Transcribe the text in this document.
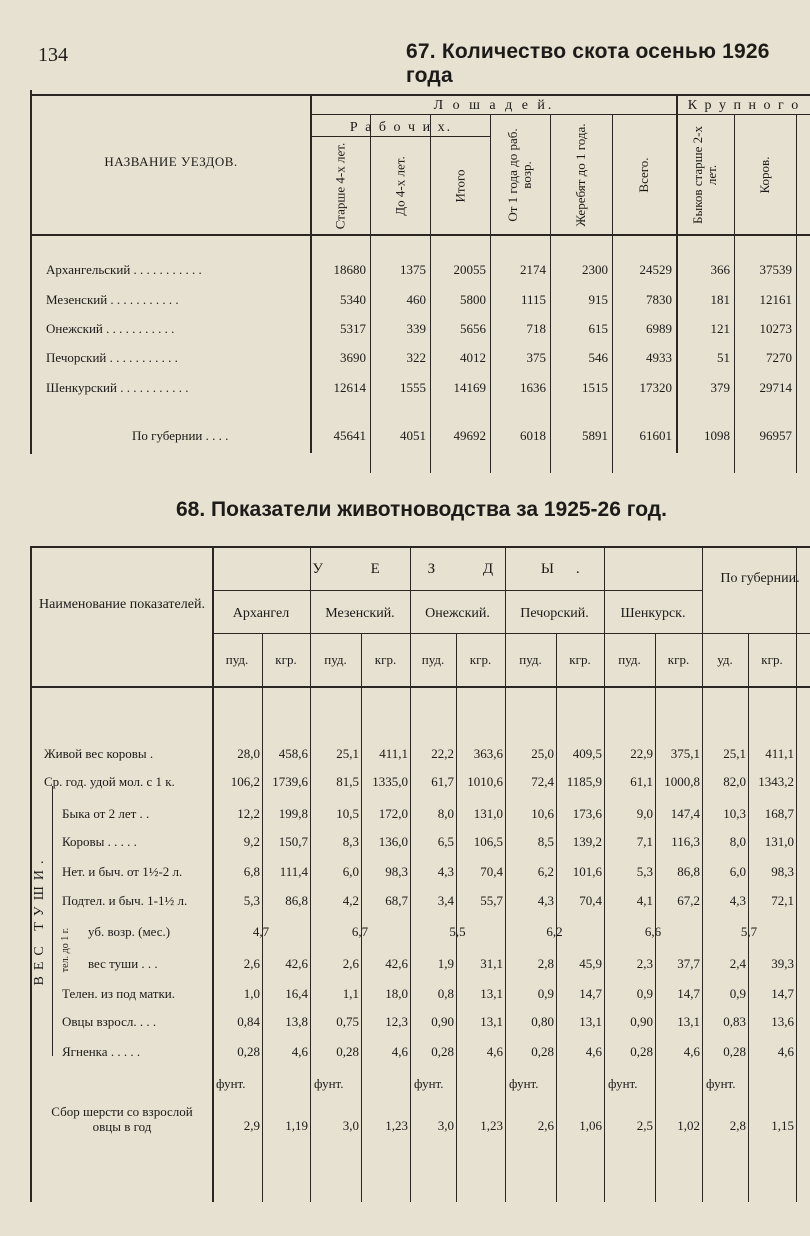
134	67. Количество скота осенью 1926 года
НАЗВАНИЕ УЕЗДОВ.
Л о ш а д е й.	К р у п н о г о
Р а б о ч и х.
Старше 4-х лет.	До 4-х лет.	Итого	От 1 года до раб. возр.	Жеребят до 1 года.	Всего.	Быков старше 2-х лет.	Коров.
Архангельский . . . . . . . . . . .	18680	1375	20055	2174	2300	24529	366	37539
Мезенский . . . . . . . . . . .	5340	460	5800	1115	915	7830	181	12161
Онежский . . . . . . . . . . .	5317	339	5656	718	615	6989	121	10273
Печорский . . . . . . . . . . .	3690	322	4012	375	546	4933	51	7270
Шенкурский . . . . . . . . . . .	12614	1555	14169	1636	1515	17320	379	29714
По губернии . . . .	45641	4051	49692	6018	5891	61601	1098	96957
68. Показатели животноводства за 1925-26 год.
Наименование показателей.
У Е З Д Ы.
По губернии.
Архангел	Мезенский.	Онежский.	Печорский.	Шенкурск.
пуд.	кгр.	пуд.	кгр.	пуд.	кгр.	пуд.	кгр.	пуд.	кгр.	уд.	кгр.
ВЕС ТУШИ.	тел. до 1 г.
Живой вес коровы .	28,0	458,6	25,1	411,1	22,2	363,6	25,0	409,5	22,9	375,1	25,1	411,1
Ср. год. удой мол. с 1 к.	106,2 1739,6	81,5	1335,0	61,7	1010,6	72,4 1185,9	61,1 1000,8	82,0 1343,2
Быка от 2 лет . .	12,2	199,8	10,5	172,0	8,0	131,0	10,6	173,6	9,0	147,4	10,3	168,7
Коровы . . . . .	9,2	150,7	8,3	136,0	6,5	106,5	8,5	139,2	7,1	116,3	8,0	131,0
Нет. и быч. от 1½-2 л.	6,8	111,4	6,0	98,3	4,3	70,4	6,2	101,6	5,3	86,8	6,0	98,3
Подтел. и быч. 1-1½ л.	5,3	86,8	4,2	68,7	3,4	55,7	4,3	70,4	4,1	67,2	4,3	72,1
уб. возр. (мес.)	4,7	6,7	5,5	6,2	6,6	5,7
вес туши . . .	2,6	42,6	2,6	42,6	1,9	31,1	2,8	45,9	2,3	37,7	2,4	39,3
Телен. из под матки.	1,0	16,4	1,1	18,0	0,8	13,1	0,9	14,7	0,9	14,7	0,9	14,7
Овцы взросл. . . .	0,84	13,8	0,75	12,3	0,90	13,1	0,80	13,1	0,90	13,1	0,83	13,6
Ягненка . . . . .	0,28	4,6	0,28	4,6	0,28	4,6	0,28	4,6	0,28	4,6	0,28	4,6
фунт.	фунт.	фунт.	фунт.	фунт.	фунт.
Сбор шерсти со взрослой овцы в год	2,9	1,19	3,0	1,23	3,0	1,23	2,6	1,06	2,5	1,02	2,8	1,15
